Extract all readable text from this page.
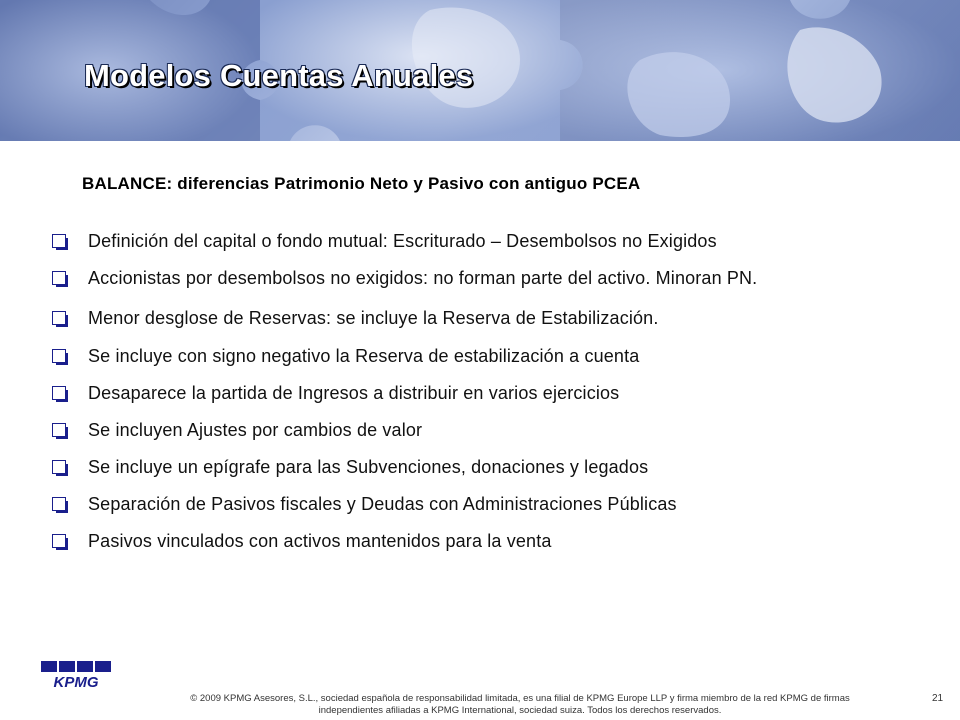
Modelos Cuentas Anuales
BALANCE: diferencias Patrimonio Neto y Pasivo con antiguo PCEA
Definición del capital o fondo mutual: Escriturado – Desembolsos no Exigidos
Accionistas por desembolsos no exigidos: no forman parte del activo. Minoran PN.
Menor desglose de Reservas: se incluye la Reserva de Estabilización.
Se incluye con signo negativo la Reserva de estabilización a cuenta
Desaparece la partida de Ingresos a distribuir en varios ejercicios
Se incluyen Ajustes por cambios de valor
Se incluye un epígrafe para las Subvenciones, donaciones y legados
Separación de Pasivos fiscales y Deudas con Administraciones Públicas
Pasivos vinculados con activos mantenidos para la venta
KPMG
© 2009 KPMG Asesores, S.L., sociedad española de responsabilidad limitada, es una filial de KPMG Europe LLP y firma miembro de la red KPMG de firmas
independientes afiliadas a KPMG International, sociedad suiza. Todos los derechos reservados.
21
